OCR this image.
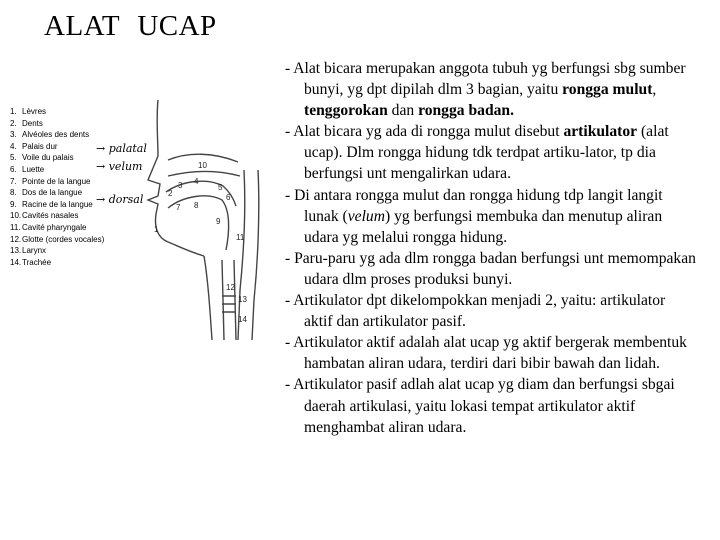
ALAT UCAP
1
2
3 4
5
6
7 8
9
10
11
12
13
14
1. Lèvres
2. Dents
3. Alvéoles des dents
4. Palais dur
5. Voile du palais
6. Luette
7. Pointe de la langue
8. Dos de la langue
9. Racine de la langue
10.Cavités nasales
11.Cavité pharyngale
12.Glotte (cordes vocales)
13.Larynx
14.Trachée
→ palatal
→ velum
→ dorsal

- Alat bicara merupakan anggota tubuh yg berfungsi sbg sumber bunyi, yg dpt dipilah dlm 3 bagian, yaitu rongga mulut, tenggorokan dan rongga badan.

- Alat bicara yg ada di rongga mulut disebut artikulator (alat ucap). Dlm rongga hidung tdk terdpat artiku-lator, tp dia berfungsi unt mengalirkan udara.

- Di antara rongga mulut dan rongga hidung tdp langit langit lunak (velum) yg berfungsi membuka dan menutup aliran udara yg melalui rongga hidung.

- Paru-paru yg ada dlm rongga badan berfungsi unt memompakan udara dlm proses produksi bunyi.

- Artikulator dpt dikelompokkan menjadi 2, yaitu: artikulator aktif dan artikulator pasif.

- Artikulator aktif adalah alat ucap yg aktif bergerak membentuk hambatan aliran udara, terdiri dari bibir bawah dan lidah.

- Artikulator pasif adlah alat ucap yg diam dan berfungsi sbgai daerah artikulasi, yaitu lokasi tempat artikulator aktif menghambat aliran udara.
